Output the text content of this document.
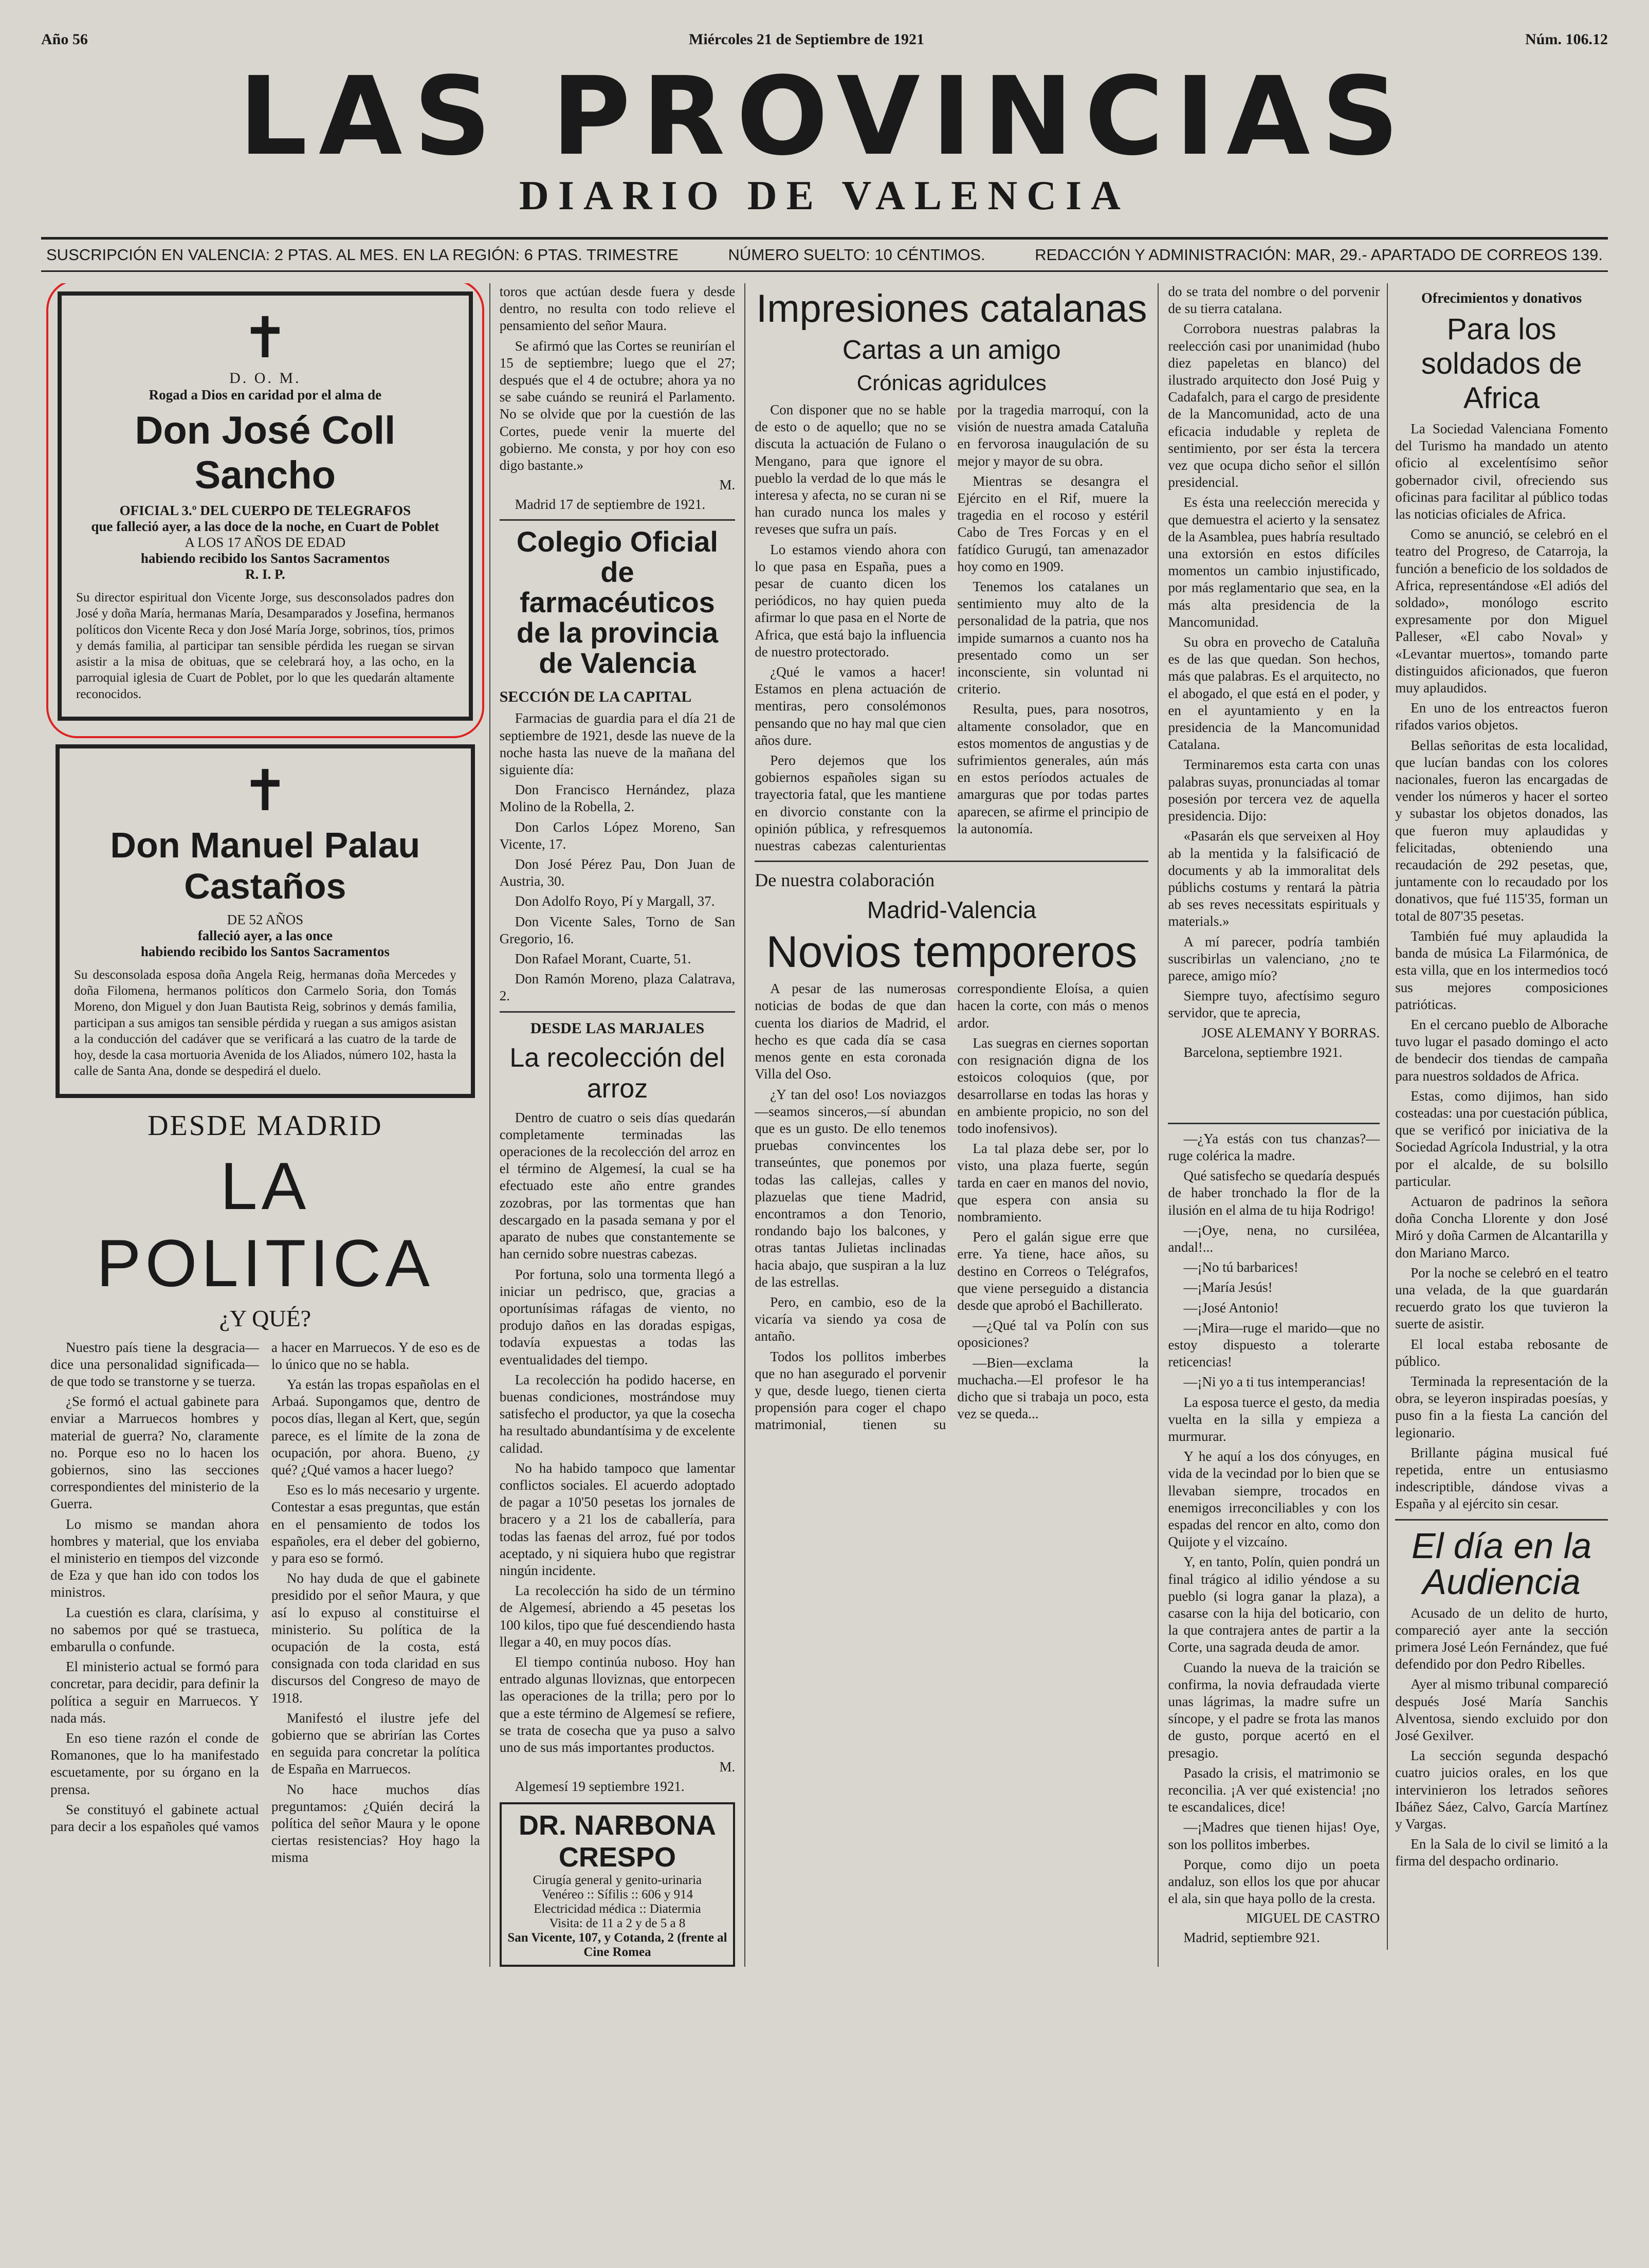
Año 56	Miércoles 21 de Septiembre de 1921	Núm. 106.12
LAS PROVINCIAS
DIARIO DE VALENCIA
SUSCRIPCIÓN EN VALENCIA: 2 PTAS. AL MES. EN LA REGIÓN: 6 PTAS. TRIMESTRE	NÚMERO SUELTO: 10 CÉNTIMOS.	REDACCIÓN Y ADMINISTRACIÓN: MAR, 29.- APARTADO DE CORREOS 139.
✝
D. O. M.
Rogad a Dios en caridad por el alma de
Don José Coll Sancho
OFICIAL 3.º DEL CUERPO DE TELEGRAFOS
que falleció ayer, a las doce de la noche, en Cuart de Poblet
A LOS 17 AÑOS DE EDAD
habiendo recibido los Santos Sacramentos
R. I. P.
Su director espiritual don Vicente Jorge, sus desconsolados padres don José y doña María, hermanas María, Desamparados y Josefina, hermanos políticos don Vicente Reca y don José María Jorge, sobrinos, tíos, primos y demás familia, al participar tan sensible pérdida les ruegan se sirvan asistir a la misa de obituas, que se celebrará hoy, a las ocho, en la parroquial iglesia de Cuart de Poblet, por lo que les quedarán altamente reconocidos.
✝
Don Manuel Palau Castaños
DE 52 AÑOS
falleció ayer, a las once
habiendo recibido los Santos Sacramentos
Su desconsolada esposa doña Angela Reig, hermanas doña Mercedes y doña Filomena, hermanos políticos don Carmelo Soria, don Tomás Moreno, don Miguel y don Juan Bautista Reig, sobrinos y demás familia, participan a sus amigos tan sensible pérdida y ruegan a sus amigos asistan a la conducción del cadáver que se verificará a las cuatro de la tarde de hoy, desde la casa mortuoria Avenida de los Aliados, número 102, hasta la calle de Santa Ana, donde se despedirá el duelo.
DESDE MADRID
LA POLITICA
¿Y QUÉ?

Nuestro país tiene la desgracia—dice una personalidad significada—de que todo se transtorne y se tuerza.

¿Se formó el actual gabinete para enviar a Marruecos hombres y material de guerra? No, claramente no. Porque eso no lo hacen los gobiernos, sino las secciones correspondientes del ministerio de la Guerra.

Lo mismo se mandan ahora hombres y material, que los enviaba el ministerio en tiempos del vizconde de Eza y que han ido con todos los ministros.

La cuestión es clara, clarísima, y no sabemos por qué se trastueca, embarulla o confunde.

El ministerio actual se formó para concretar, para decidir, para definir la política a seguir en Marruecos. Y nada más.

En eso tiene razón el conde de Romanones, que lo ha manifestado escuetamente, por su órgano en la prensa.

Se constituyó el gabinete actual para decir a los españoles qué vamos a hacer en Marruecos. Y de eso es de lo único que no se habla.

Ya están las tropas españolas en el Arbaá. Supongamos que, dentro de pocos días, llegan al Kert, que, según parece, es el límite de la zona de ocupación, por ahora. Bueno, ¿y qué? ¿Qué vamos a hacer luego?

Eso es lo más necesario y urgente. Contestar a esas preguntas, que están en el pensamiento de todos los españoles, era el deber del gobierno, y para eso se formó.

No hay duda de que el gabinete presidido por el señor Maura, y que así lo expuso al constituirse el ministerio. Su política de la ocupación de la costa, está consignada con toda claridad en sus discursos del Congreso de mayo de 1918.

Manifestó el ilustre jefe del gobierno que se abrirían las Cortes en seguida para concretar la política de España en Marruecos.

No hace muchos días preguntamos: ¿Quién decirá la política del señor Maura y le opone ciertas resistencias? Hoy hago la misma

toros que actúan desde fuera y desde dentro, no resulta con todo relieve el pensamiento del señor Maura.

Se afirmó que las Cortes se reunirían el 15 de septiembre; luego que el 27; después que el 4 de octubre; ahora ya no se sabe cuándo se reunirá el Parlamento. No se olvide que por la cuestión de las Cortes, puede venir la muerte del gobierno. Me consta, y por hoy con eso digo bastante.»

M.

Madrid 17 de septiembre de 1921.

Colegio Oficial de farmacéuticos de la provincia de Valencia
SECCIÓN DE LA CAPITAL

Farmacias de guardia para el día 21 de septiembre de 1921, desde las nueve de la noche hasta las nueve de la mañana del siguiente día:

Don Francisco Hernández, plaza Molino de la Robella, 2.

Don Carlos López Moreno, San Vicente, 17.

Don José Pérez Pau, Don Juan de Austria, 30.

Don Adolfo Royo, Pí y Margall, 37.

Don Vicente Sales, Torno de San Gregorio, 16.

Don Rafael Morant, Cuarte, 51.

Don Ramón Moreno, plaza Calatrava, 2.

DESDE LAS MARJALES
La recolección del arroz

Dentro de cuatro o seis días quedarán completamente terminadas las operaciones de la recolección del arroz en el término de Algemesí, la cual se ha efectuado este año entre grandes zozobras, por las tormentas que han descargado en la pasada semana y por el aparato de nubes que constantemente se han cernido sobre nuestras cabezas.

Por fortuna, solo una tormenta llegó a iniciar un pedrisco, que, gracias a oportunísimas ráfagas de viento, no produjo daños en las doradas espigas, todavía expuestas a todas las eventualidades del tiempo.

La recolección ha podido hacerse, en buenas condiciones, mostrándose muy satisfecho el productor, ya que la cosecha ha resultado abundantísima y de excelente calidad.

No ha habido tampoco que lamentar conflictos sociales. El acuerdo adoptado de pagar a 10'50 pesetas los jornales de bracero y a 21 los de caballería, para todas las faenas del arroz, fué por todos aceptado, y ni siquiera hubo que registrar ningún incidente.

La recolección ha sido de un término de Algemesí, abriendo a 45 pesetas los 100 kilos, tipo que fué descendiendo hasta llegar a 40, en muy pocos días.

El tiempo continúa nuboso. Hoy han entrado algunas lloviznas, que entorpecen las operaciones de la trilla; pero por lo que a este término de Algemesí se refiere, se trata de cosecha que ya puso a salvo uno de sus más importantes productos.

M.

Algemesí 19 septiembre 1921.

DR. NARBONA CRESPO
Cirugía general y genito-urinaria
Venéreo :: Sífilis :: 606 y 914
Electricidad médica :: Diatermia
Visita: de 11 a 2 y de 5 a 8
San Vicente, 107, y Cotanda, 2 (frente al Cine Romea
Impresiones catalanas
Cartas a un amigo
Crónicas agridulces

Con disponer que no se hable de esto o de aquello; que no se discuta la actuación de Fulano o Mengano, para que ignore el pueblo la verdad de lo que más le interesa y afecta, no se curan ni se han curado nunca los males y reveses que sufra un país.

Lo estamos viendo ahora con lo que pasa en España, pues a pesar de cuanto dicen los periódicos, no hay quien pueda afirmar lo que pasa en el Norte de Africa, que está bajo la influencia de nuestro protectorado.

¿Qué le vamos a hacer! Estamos en plena actuación de mentiras, pero consolémonos pensando que no hay mal que cien años dure.

Pero dejemos que los gobiernos españoles sigan su trayectoria fatal, que les mantiene en divorcio constante con la opinión pública, y refresquemos nuestras cabezas calenturientas por la tragedia marroquí, con la visión de nuestra amada Cataluña en fervorosa inaugulación de su mejor y mayor de su obra.

Mientras se desangra el Ejército en el Rif, muere la tragedia en el rocoso y estéril Cabo de Tres Forcas y en el fatídico Gurugú, tan amenazador hoy como en 1909.

Tenemos los catalanes un sentimiento muy alto de la personalidad de la patria, que nos impide sumarnos a cuanto nos ha presentado como un ser inconsciente, sin voluntad ni criterio.

Resulta, pues, para nosotros, altamente consolador, que en estos momentos de angustias y de sufrimientos generales, aún más en estos períodos actuales de amarguras que por todas partes aparecen, se afirme el principio de la autonomía.

De nuestra colaboración
Madrid-Valencia
Novios temporeros

A pesar de las numerosas noticias de bodas de que dan cuenta los diarios de Madrid, el hecho es que cada día se casa menos gente en esta coronada Villa del Oso.

¿Y tan del oso! Los noviazgos—seamos sinceros,—sí abundan que es un gusto. De ello tenemos pruebas convincentes los transeúntes, que ponemos por todas las callejas, calles y plazuelas que tiene Madrid, encontramos a don Tenorio, rondando bajo los balcones, y otras tantas Julietas inclinadas hacia abajo, que suspiran a la luz de las estrellas.

Pero, en cambio, eso de la vicaría va siendo ya cosa de antaño.

Todos los pollitos imberbes que no han asegurado el porvenir y que, desde luego, tienen cierta propensión para coger el chapo matrimonial, tienen su correspondiente Eloísa, a quien hacen la corte, con más o menos ardor.

Las suegras en ciernes soportan con resignación digna de los estoicos coloquios (que, por desarrollarse en todas las horas y en ambiente propicio, no son del todo inofensivos).

La tal plaza debe ser, por lo visto, una plaza fuerte, según tarda en caer en manos del novio, que espera con ansia su nombramiento.

Pero el galán sigue erre que erre. Ya tiene, hace años, su destino en Correos o Telégrafos, que viene perseguido a distancia desde que aprobó el Bachillerato.

—¿Qué tal va Polín con sus oposiciones?

—Bien—exclama la muchacha.—El profesor le ha dicho que si trabaja un poco, esta vez se queda...

do se trata del nombre o del porvenir de su tierra catalana.

Corrobora nuestras palabras la reelección casi por unanimidad (hubo diez papeletas en blanco) del ilustrado arquitecto don José Puig y Cadafalch, para el cargo de presidente de la Mancomunidad, acto de una eficacia indudable y repleta de sentimiento, por ser ésta la tercera vez que ocupa dicho señor el sillón presidencial.

Es ésta una reelección merecida y que demuestra el acierto y la sensatez de la Asamblea, pues habría resultado una extorsión en estos difíciles momentos un cambio injustificado, por más reglamentario que sea, en la más alta presidencia de la Mancomunidad.

Su obra en provecho de Cataluña es de las que quedan. Son hechos, más que palabras. Es el arquitecto, no el abogado, el que está en el poder, y en el ayuntamiento y en la presidencia de la Mancomunidad Catalana.

Terminaremos esta carta con unas palabras suyas, pronunciadas al tomar posesión por tercera vez de aquella presidencia. Dijo:

«Pasarán els que serveixen al Hoy ab la mentida y la falsificació de documents y ab la immoralitat dels públichs costums y rentará la pàtria ab ses reves necessitats espirituals y materials.»

A mí parecer, podría también suscribirlas un valenciano, ¿no te parece, amigo mío?

Siempre tuyo, afectísimo seguro servidor, que te aprecia,

JOSE ALEMANY Y BORRAS.

Barcelona, septiembre 1921.

—¿Ya estás con tus chanzas?—ruge colérica la madre.

Qué satisfecho se quedaría después de haber tronchado la flor de la ilusión en el alma de tu hija Rodrigo!

—¡Oye, nena, no cursiléea, andal!...

—¡No tú barbarices!

—¡María Jesús!

—¡José Antonio!

—¡Mira—ruge el marido—que no estoy dispuesto a tolerarte reticencias!

—¡Ni yo a ti tus intemperancias!

La esposa tuerce el gesto, da media vuelta en la silla y empieza a murmurar.

Y he aquí a los dos cónyuges, en vida de la vecindad por lo bien que se llevaban siempre, trocados en enemigos irreconciliables y con los espadas del rencor en alto, como don Quijote y el vizcaíno.

Y, en tanto, Polín, quien pondrá un final trágico al idilio yéndose a su pueblo (si logra ganar la plaza), a casarse con la hija del boticario, con la que contrajera antes de partir a la Corte, una sagrada deuda de amor.

Cuando la nueva de la traición se confirma, la novia defraudada vierte unas lágrimas, la madre sufre un síncope, y el padre se frota las manos de gusto, porque acertó en el presagio.

Pasado la crisis, el matrimonio se reconcilia. ¡A ver qué existencia! ¡no te escandalices, dice!

—¡Madres que tienen hijas! Oye, son los pollitos imberbes.

Porque, como dijo un poeta andaluz, son ellos los que por ahucar el ala, sin que haya pollo de la cresta.

MIGUEL DE CASTRO

Madrid, septiembre 921.

Ofrecimientos y donativos
Para los soldados de Africa

La Sociedad Valenciana Fomento del Turismo ha mandado un atento oficio al excelentísimo señor gobernador civil, ofreciendo sus oficinas para facilitar al público todas las noticias oficiales de Africa.

Como se anunció, se celebró en el teatro del Progreso, de Catarroja, la función a beneficio de los soldados de Africa, representándose «El adiós del soldado», monólogo escrito expresamente por don Miguel Palleser, «El cabo Noval» y «Levantar muertos», tomando parte distinguidos aficionados, que fueron muy aplaudidos.

En uno de los entreactos fueron rifados varios objetos.

Bellas señoritas de esta localidad, que lucían bandas con los colores nacionales, fueron las encargadas de vender los números y hacer el sorteo y subastar los objetos donados, las que fueron muy aplaudidas y felicitadas, obteniendo una recaudación de 292 pesetas, que, juntamente con lo recaudado por los donativos, que fué 115'35, forman un total de 807'35 pesetas.

También fué muy aplaudida la banda de música La Filarmónica, de esta villa, que en los intermedios tocó sus mejores composiciones patrióticas.

En el cercano pueblo de Alborache tuvo lugar el pasado domingo el acto de bendecir dos tiendas de campaña para nuestros soldados de Africa.

Estas, como dijimos, han sido costeadas: una por cuestación pública, que se verificó por iniciativa de la Sociedad Agrícola Industrial, y la otra por el alcalde, de su bolsillo particular.

Actuaron de padrinos la señora doña Concha Llorente y don José Miró y doña Carmen de Alcantarilla y don Mariano Marco.

Por la noche se celebró en el teatro una velada, de la que guardarán recuerdo grato los que tuvieron la suerte de asistir.

El local estaba rebosante de público.

Terminada la representación de la obra, se leyeron inspiradas poesías, y puso fin a la fiesta La canción del legionario.

Brillante página musical fué repetida, entre un entusiasmo indescriptible, dándose vivas a España y al ejército sin cesar.

El día en la Audiencia

Acusado de un delito de hurto, compareció ayer ante la sección primera José León Fernández, que fué defendido por don Pedro Ribelles.

Ayer al mismo tribunal compareció después José María Sanchis Alventosa, siendo excluido por don José Gexilver.

La sección segunda despachó cuatro juicios orales, en los que intervinieron los letrados señores Ibáñez Sáez, Calvo, García Martínez y Vargas.

En la Sala de lo civil se limitó a la firma del despacho ordinario.
